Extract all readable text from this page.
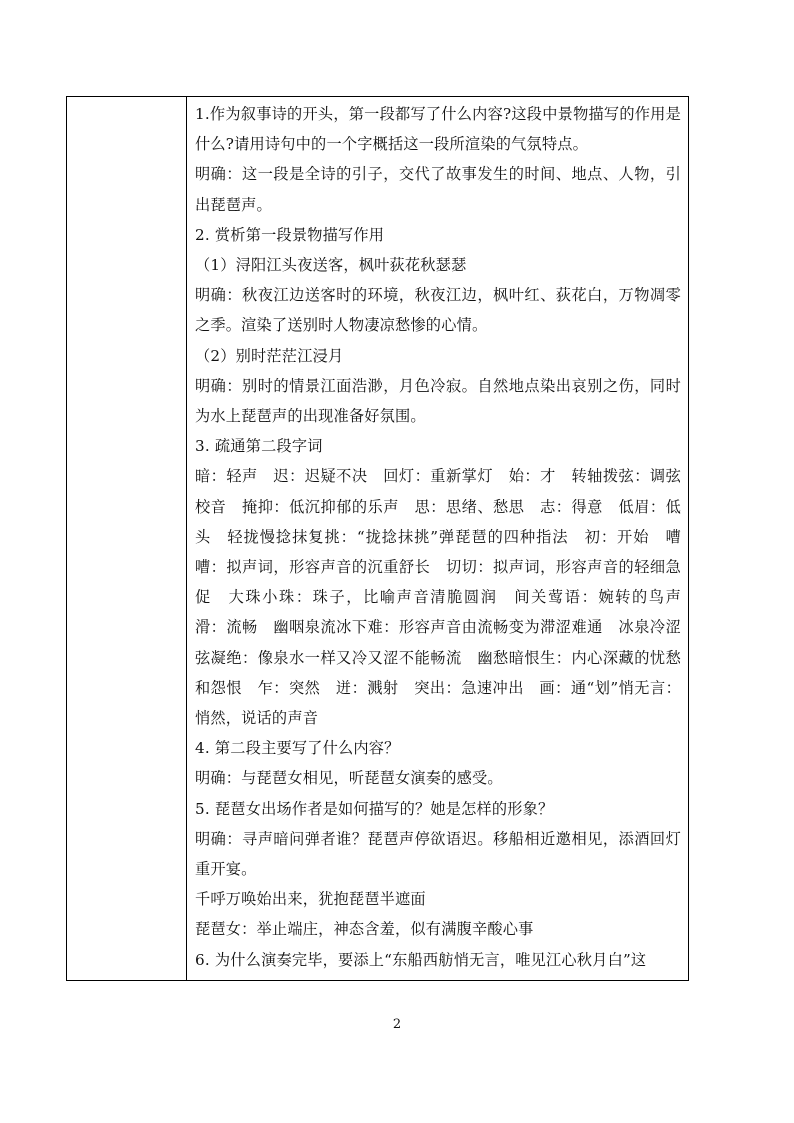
1.作为叙事诗的开头，第一段都写了什么内容?这段中景物描写的作用是什么?请用诗句中的一个字概括这一段所渲染的气氛特点。

明确：这一段是全诗的引子，交代了故事发生的时间、地点、人物，引出琵琶声。

2. 赏析第一段景物描写作用

（1）浔阳江头夜送客，枫叶荻花秋瑟瑟

明确：秋夜江边送客时的环境，秋夜江边，枫叶红、荻花白，万物凋零之季。渲染了送别时人物凄凉愁惨的心情。

（2）别时茫茫江浸月

明确：别时的情景江面浩渺，月色冷寂。自然地点染出哀别之伤，同时为水上琵琶声的出现准备好氛围。

3. 疏通第二段字词

暗：轻声　迟：迟疑不决　回灯：重新掌灯　始：才　转轴拨弦：调弦校音　掩抑：低沉抑郁的乐声　思：思绪、愁思　志：得意　低眉：低头　轻拢慢捻抹复挑：“拢捻抹挑”弹琵琶的四种指法　初：开始　嘈嘈：拟声词，形容声音的沉重舒长　切切：拟声词，形容声音的轻细急促　大珠小珠：珠子，比喻声音清脆圆润　间关莺语：婉转的鸟声　滑：流畅　幽咽泉流冰下难：形容声音由流畅变为滞涩难通　冰泉冷涩弦凝绝：像泉水一样又冷又涩不能畅流　幽愁暗恨生：内心深藏的忧愁和怨恨　乍：突然　迸：溅射　突出：急速冲出　画：通“划”悄无言：悄然，说话的声音

4. 第二段主要写了什么内容？

明确：与琵琶女相见，听琵琶女演奏的感受。

5. 琵琶女出场作者是如何描写的？她是怎样的形象？

明确：寻声暗问弹者谁？琵琶声停欲语迟。移船相近邀相见，添酒回灯重开宴。

千呼万唤始出来，犹抱琵琶半遮面

琵琶女：举止端庄，神态含羞，似有满腹辛酸心事

6. 为什么演奏完毕，要添上“东船西舫悄无言，唯见江心秋月白”这

2
